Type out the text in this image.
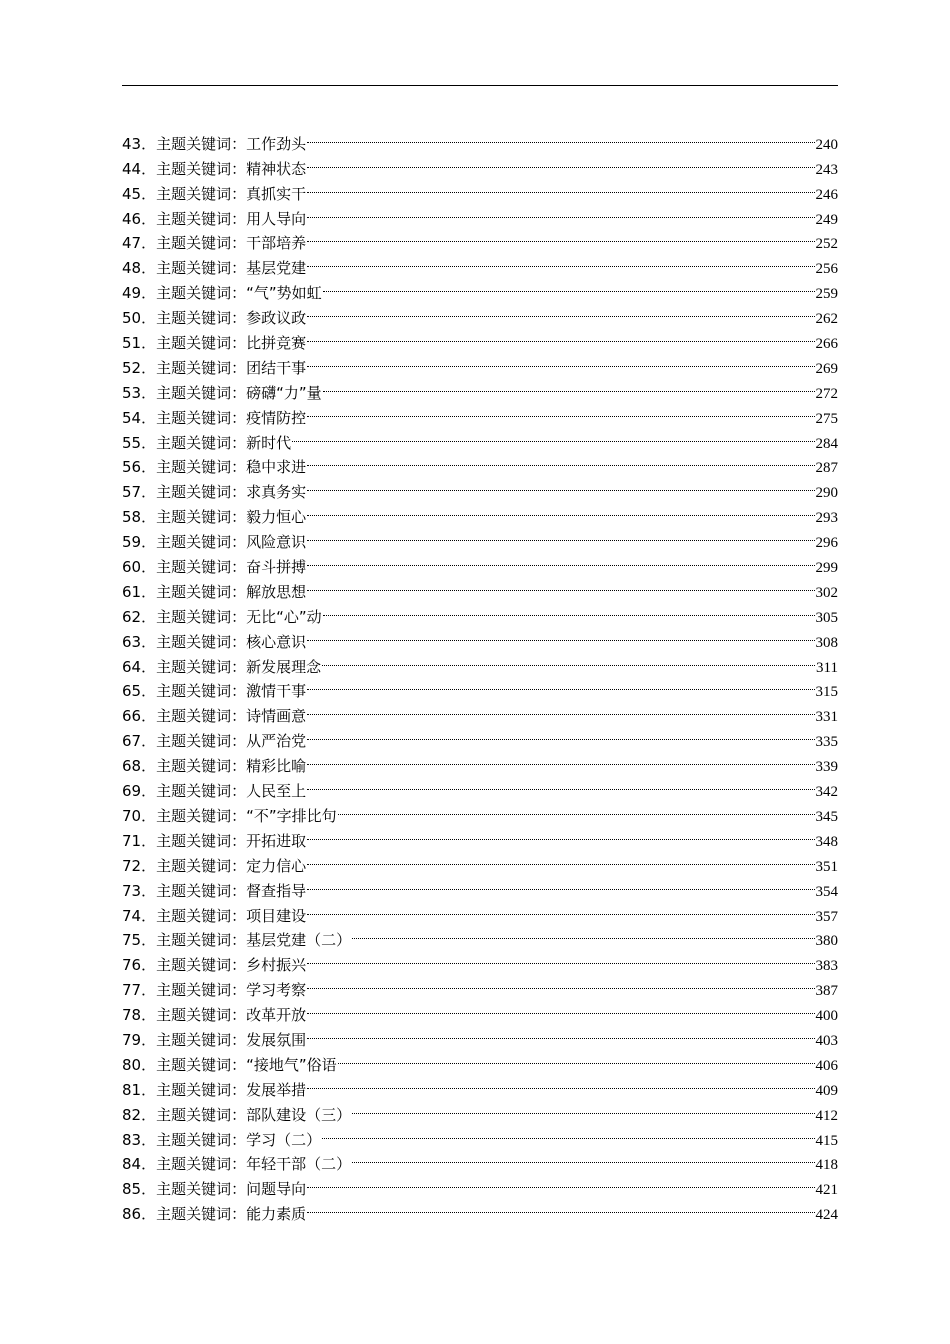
43．主题关键词：工作劲头	240
44．主题关键词：精神状态	243
45．主题关键词：真抓实干	246
46．主题关键词：用人导向	249
47．主题关键词：干部培养	252
48．主题关键词：基层党建	256
49．主题关键词：“气”势如虹	259
50．主题关键词：参政议政	262
51．主题关键词：比拼竞赛	266
52．主题关键词：团结干事	269
53．主题关键词：磅礴“力”量	272
54．主题关键词：疫情防控	275
55．主题关键词：新时代	284
56．主题关键词：稳中求进	287
57．主题关键词：求真务实	290
58．主题关键词：毅力恒心	293
59．主题关键词：风险意识	296
60．主题关键词：奋斗拼搏	299
61．主题关键词：解放思想	302
62．主题关键词：无比“心”动	305
63．主题关键词：核心意识	308
64．主题关键词：新发展理念	311
65．主题关键词：激情干事	315
66．主题关键词：诗情画意	331
67．主题关键词：从严治党	335
68．主题关键词：精彩比喻	339
69．主题关键词：人民至上	342
70．主题关键词：“不”字排比句	345
71．主题关键词：开拓进取	348
72．主题关键词：定力信心	351
73．主题关键词：督查指导	354
74．主题关键词：项目建设	357
75．主题关键词：基层党建（二）	380
76．主题关键词：乡村振兴	383
77．主题关键词：学习考察	387
78．主题关键词：改革开放	400
79．主题关键词：发展氛围	403
80．主题关键词：“接地气”俗语	406
81．主题关键词：发展举措	409
82．主题关键词：部队建设（三）	412
83．主题关键词：学习（二）	415
84．主题关键词：年轻干部（二）	418
85．主题关键词：问题导向	421
86．主题关键词：能力素质	424
